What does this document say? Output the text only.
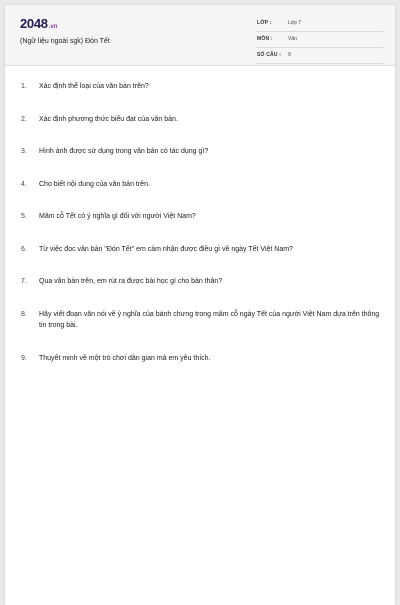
2048.vn
(Ngữ liệu ngoài sgk) Đón Tết
LỚP :	Lớp 7
MÔN :	Văn
SỐ CÂU : 9
1. Xác định thể loại của văn bản trên?
2. Xác định phương thức biểu đạt của văn bản.
3. Hình ảnh được sử dụng trong văn bản có tác dụng gì?
4. Cho biết nội dung của văn bản trên.
5. Mâm cỗ Tết có ý nghĩa gì đối với người Việt Nam?
6. Từ việc đọc văn bản "Đón Tết" em cảm nhận được điều gì về ngày Tết Việt Nam?
7. Qua văn bản trên, em rút ra được bài học gì cho bản thân?
8. Hãy viết đoạn văn nói về ý nghĩa của bánh chưng trong mâm cỗ ngày Tết của người Việt Nam dựa trên thông tin trong bài.
9. Thuyết minh về một trò chơi dân gian mà em yêu thích.
